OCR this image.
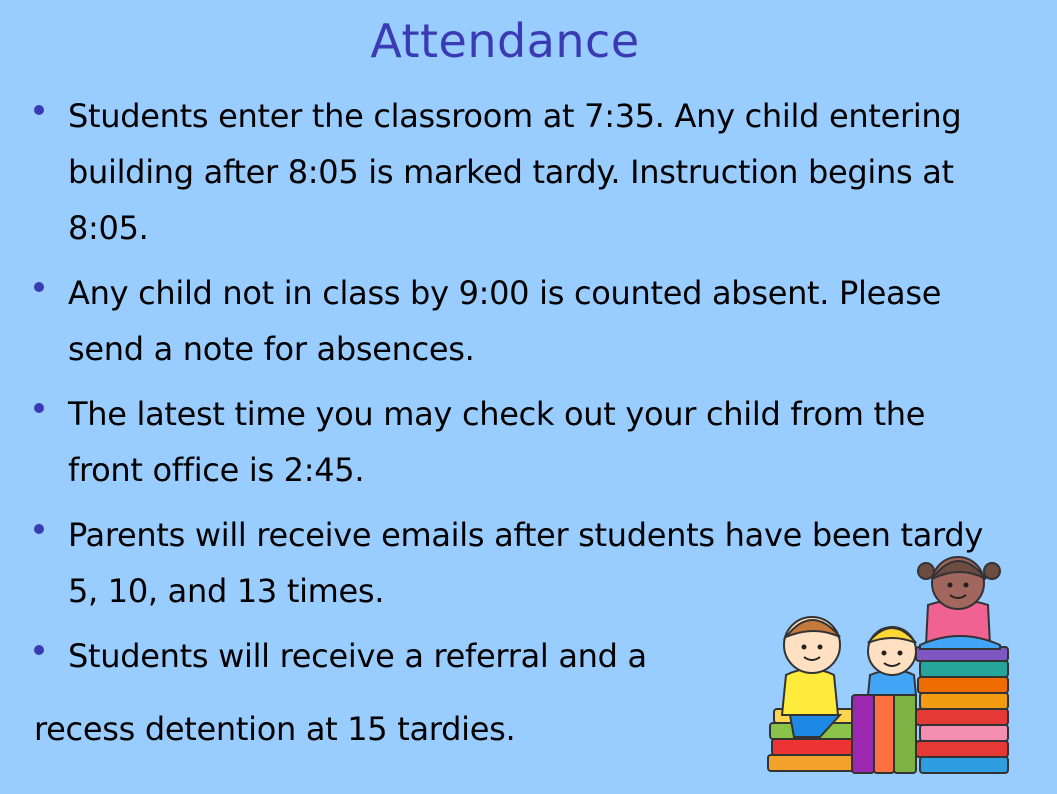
Attendance
Students enter the classroom at 7:35. Any child entering building after 8:05 is marked tardy. Instruction begins at 8:05.
Any child not in class by 9:00 is counted absent. Please send a note for absences.
The latest time you may check out your child from the front office is 2:45.
Parents will receive emails after students have been tardy 5, 10, and 13 times.
Students will receive a referral and a
recess detention at 15 tardies.
